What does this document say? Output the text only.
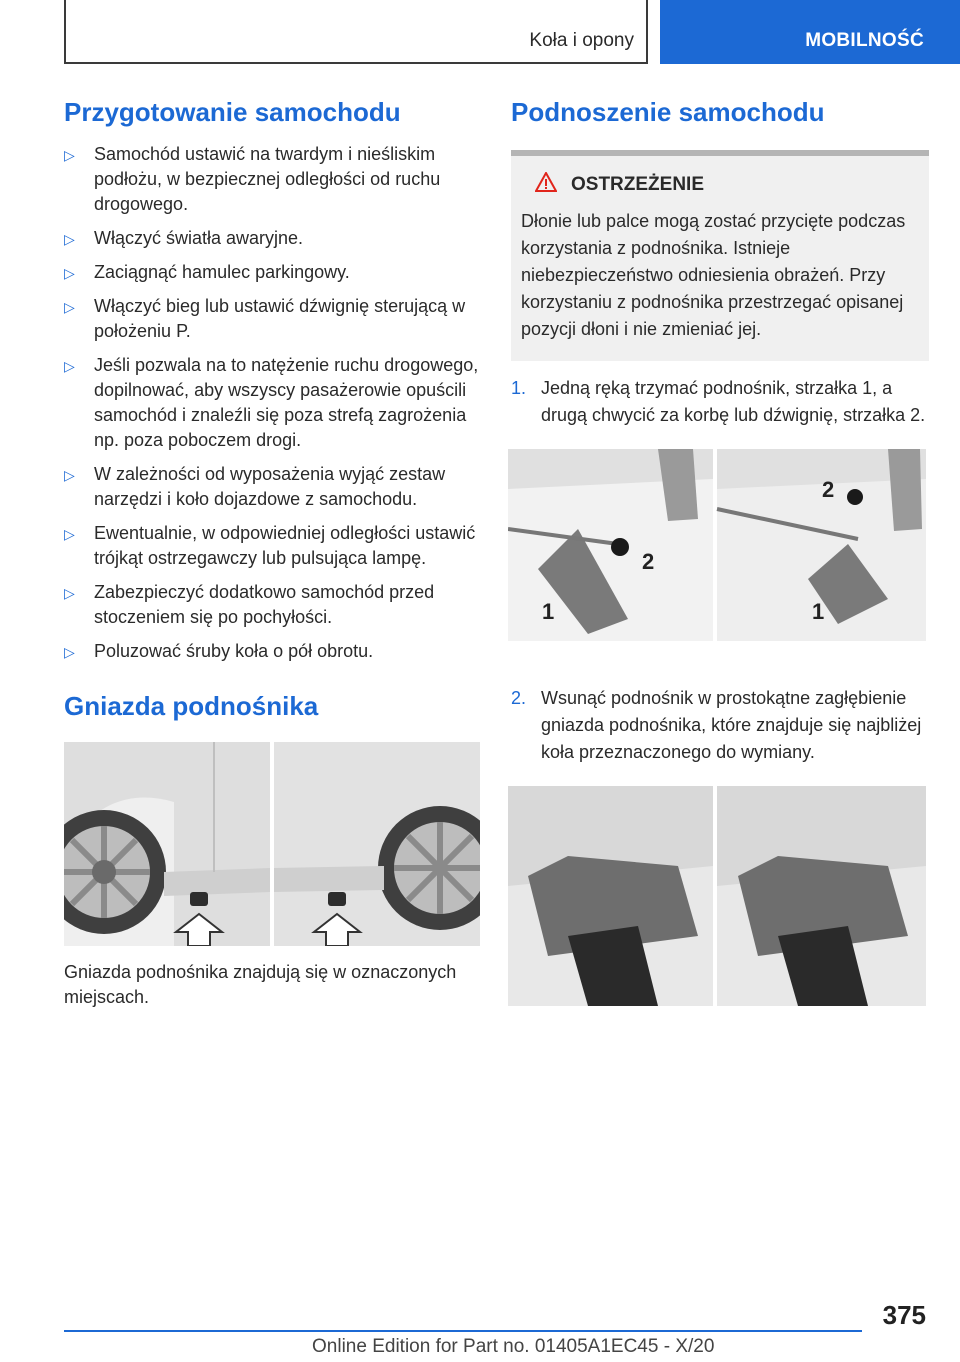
Koła i opony	MOBILNOŚĆ
Przygotowanie samochodu
▷ Samochód ustawić na twardym i nieśliskim podłożu, w bezpiecznej odległości od ruchu drogowego.
▷ Włączyć światła awaryjne.
▷ Zaciągnąć hamulec parkingowy.
▷ Włączyć bieg lub ustawić dźwignię sterującą w położeniu P.
▷ Jeśli pozwala na to natężenie ruchu drogowego, dopilnować, aby wszyscy pasażerowie opuścili samochód i znaleźli się poza strefą zagrożenia np. poza poboczem drogi.
▷ W zależności od wyposażenia wyjąć zestaw narzędzi i koło dojazdowe z samochodu.
▷ Ewentualnie, w odpowiedniej odległości ustawić trójkąt ostrzegawczy lub pulsująca lampę.
▷ Zabezpieczyć dodatkowo samochód przed stoczeniem się po pochyłości.
▷ Poluzować śruby koła o pół obrotu.
Gniazda podnośnika
Gniazda podnośnika znajdują się w oznaczonych miejscach.
Podnoszenie samochodu
OSTRZEŻENIE
Dłonie lub palce mogą zostać przycięte podczas korzystania z podnośnika. Istnieje niebezpieczeństwo odniesienia obrażeń. Przy korzystaniu z podnośnika przestrzegać opisanej pozycji dłoni i nie zmieniać jej.
1. Jedną ręką trzymać podnośnik, strzałka 1, a drugą chwycić za korbę lub dźwignię, strzałka 2.
1
2
2
1
2. Wsunąć podnośnik w prostokątne zagłębienie gniazda podnośnika, które znajduje się najbliżej koła przeznaczonego do wymiany.
375
Online Edition for Part no. 01405A1EC45 - X/20
